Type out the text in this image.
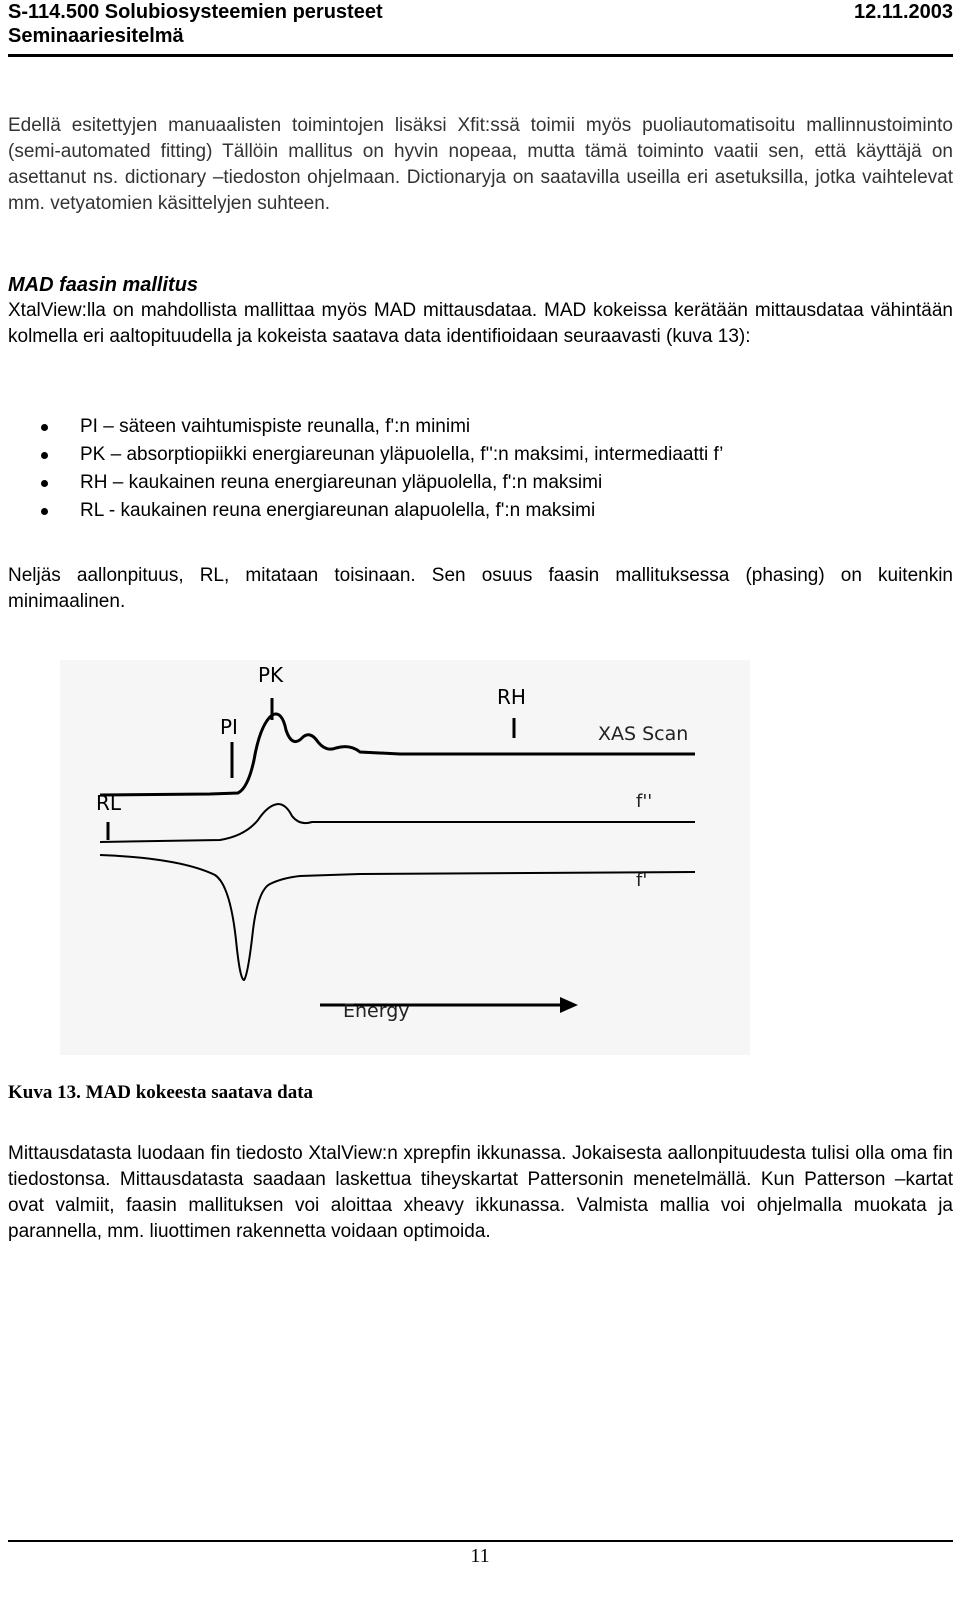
S-114.500 Solubiosysteemien perusteet	12.11.2003
Seminaariesitelmä

Edellä esitettyjen manuaalisten toimintojen lisäksi Xfit:ssä toimii myös puoliautomatisoitu mallinnustoiminto (semi-automated fitting) Tällöin mallitus on hyvin nopeaa, mutta tämä toiminto vaatii sen, että käyttäjä on asettanut ns. dictionary –tiedoston ohjelmaan. Dictionaryja on saatavilla useilla eri asetuksilla, jotka vaihtelevat mm. vetyatomien käsittelyjen suhteen.

MAD faasin mallitus

XtalView:lla on mahdollista mallittaa myös MAD mittausdataa. MAD kokeissa kerätään mittausdataa vähintään kolmella eri aaltopituudella ja kokeista saatava data identifioidaan seuraavasti (kuva 13):

PI – säteen vaihtumispiste reunalla, f':n minimi
PK – absorptiopiikki energiareunan yläpuolella, f'':n maksimi, intermediaatti f’
RH – kaukainen reuna energiareunan yläpuolella, f':n maksimi
RL - kaukainen reuna energiareunan alapuolella, f':n maksimi

Neljäs aallonpituus, RL, mitataan toisinaan. Sen osuus faasin mallituksessa (phasing) on kuitenkin minimaalinen.

PK
PI
RH
RL
XAS Scan
f''
f'
Energy

Kuva 13. MAD kokeesta saatava data

Mittausdatasta luodaan fin tiedosto XtalView:n xprepfin ikkunassa. Jokaisesta aallonpituudesta tulisi olla oma fin tiedostonsa. Mittausdatasta saadaan laskettua tiheyskartat Pattersonin menetelmällä. Kun Patterson –kartat ovat valmiit, faasin mallituksen voi aloittaa xheavy ikkunassa. Valmista mallia voi ohjelmalla muokata ja parannella, mm. liuottimen rakennetta voidaan optimoida.

11
